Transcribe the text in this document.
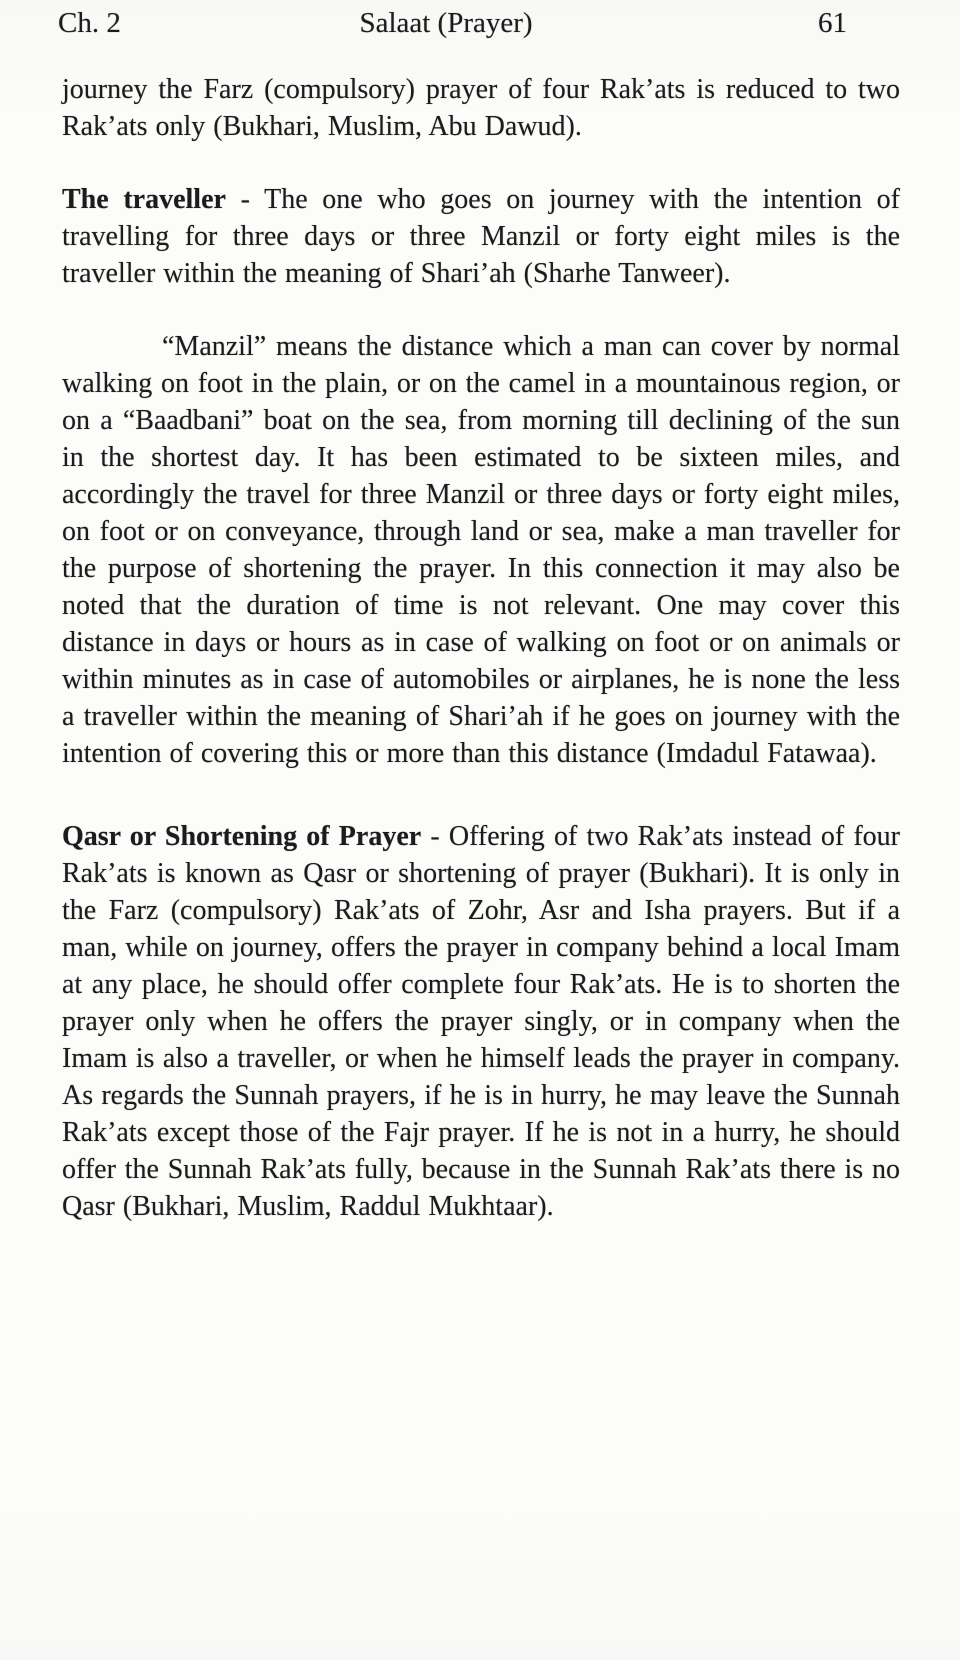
Ch. 2	Salaat (Prayer)	61

journey the Farz (compulsory) prayer of four Rak’ats is reduced to two Rak’ats only (Bukhari, Muslim, Abu Dawud).

The traveller - The one who goes on journey with the intention of travelling for three days or three Manzil or forty eight miles is the traveller within the meaning of Shari’ah (Sharhe Tanweer).

“Manzil” means the distance which a man can cover by normal walking on foot in the plain, or on the camel in a mountainous region, or on a “Baadbani” boat on the sea, from morning till declining of the sun in the shortest day. It has been estimated to be sixteen miles, and accordingly the travel for three Manzil or three days or forty eight miles, on foot or on conveyance, through land or sea, make a man traveller for the purpose of shortening the prayer. In this connection it may also be noted that the duration of time is not relevant. One may cover this distance in days or hours as in case of walking on foot or on animals or within minutes as in case of automobiles or airplanes, he is none the less a traveller within the meaning of Shari’ah if he goes on journey with the intention of covering this or more than this distance (Imdadul Fatawaa).

Qasr or Shortening of Prayer - Offering of two Rak’ats instead of four Rak’ats is known as Qasr or shortening of prayer (Bukhari). It is only in the Farz (compulsory) Rak’ats of Zohr, Asr and Isha prayers. But if a man, while on journey, offers the prayer in company behind a local Imam at any place, he should offer complete four Rak’ats. He is to shorten the prayer only when he offers the prayer singly, or in company when the Imam is also a traveller, or when he himself leads the prayer in company. As regards the Sunnah prayers, if he is in hurry, he may leave the Sunnah Rak’ats except those of the Fajr prayer. If he is not in a hurry, he should offer the Sunnah Rak’ats fully, because in the Sunnah Rak’ats there is no Qasr (Bukhari, Muslim, Raddul Mukhtaar).
